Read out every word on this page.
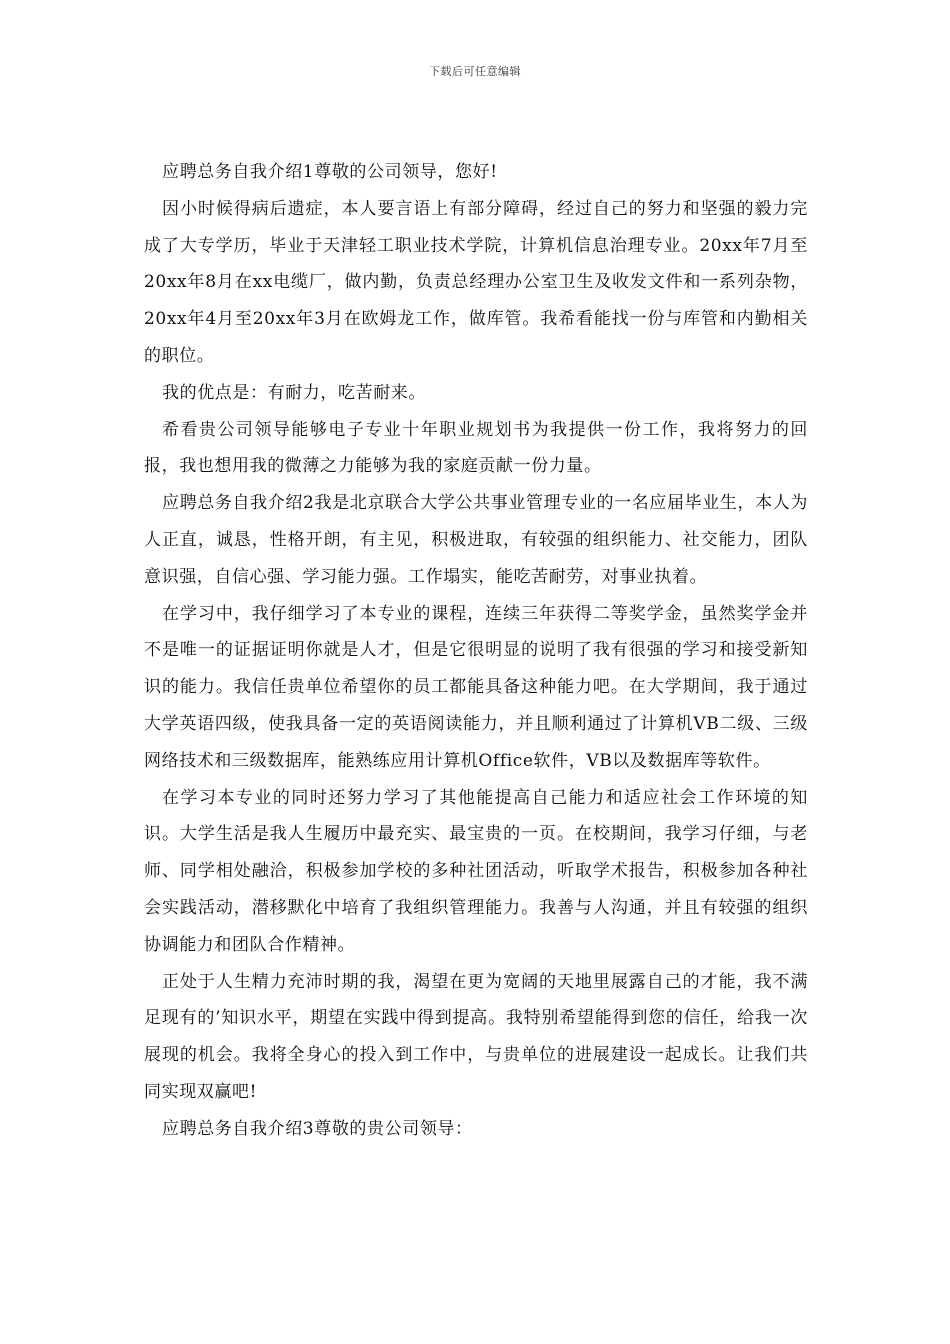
下载后可任意编辑

应聘总务自我介绍1尊敬的公司领导，您好!

因小时候得病后遗症，本人要言语上有部分障碍，经过自己的努力和坚强的毅力完成了大专学历，毕业于天津轻工职业技术学院，计算机信息治理专业。20xx年7月至20xx年8月在xx电缆厂，做内勤，负责总经理办公室卫生及收发文件和一系列杂物，20xx年4月至20xx年3月在欧姆龙工作，做库管。我希看能找一份与库管和内勤相关的职位。

我的优点是：有耐力，吃苦耐来。

希看贵公司领导能够电子专业十年职业规划书为我提供一份工作，我将努力的回报，我也想用我的微薄之力能够为我的家庭贡献一份力量。

应聘总务自我介绍2我是北京联合大学公共事业管理专业的一名应届毕业生，本人为人正直，诚恳，性格开朗，有主见，积极进取，有较强的组织能力、社交能力，团队意识强，自信心强、学习能力强。工作塌实，能吃苦耐劳，对事业执着。

在学习中，我仔细学习了本专业的课程，连续三年获得二等奖学金，虽然奖学金并不是唯一的证据证明你就是人才，但是它很明显的说明了我有很强的学习和接受新知识的能力。我信任贵单位希望你的员工都能具备这种能力吧。在大学期间，我于通过大学英语四级，使我具备一定的英语阅读能力，并且顺利通过了计算机VB二级、三级网络技术和三级数据库，能熟练应用计算机Office软件，VB以及数据库等软件。

在学习本专业的同时还努力学习了其他能提高自己能力和适应社会工作环境的知识。大学生活是我人生履历中最充实、最宝贵的一页。在校期间，我学习仔细，与老师、同学相处融洽，积极参加学校的多种社团活动，听取学术报告，积极参加各种社会实践活动，潜移默化中培育了我组织管理能力。我善与人沟通，并且有较强的组织协调能力和团队合作精神。

正处于人生精力充沛时期的我，渴望在更为宽阔的天地里展露自己的才能，我不满足现有的’知识水平，期望在实践中得到提高。我特别希望能得到您的信任，给我一次展现的机会。我将全身心的投入到工作中，与贵单位的进展建设一起成长。让我们共同实现双赢吧!

应聘总务自我介绍3尊敬的贵公司领导：
